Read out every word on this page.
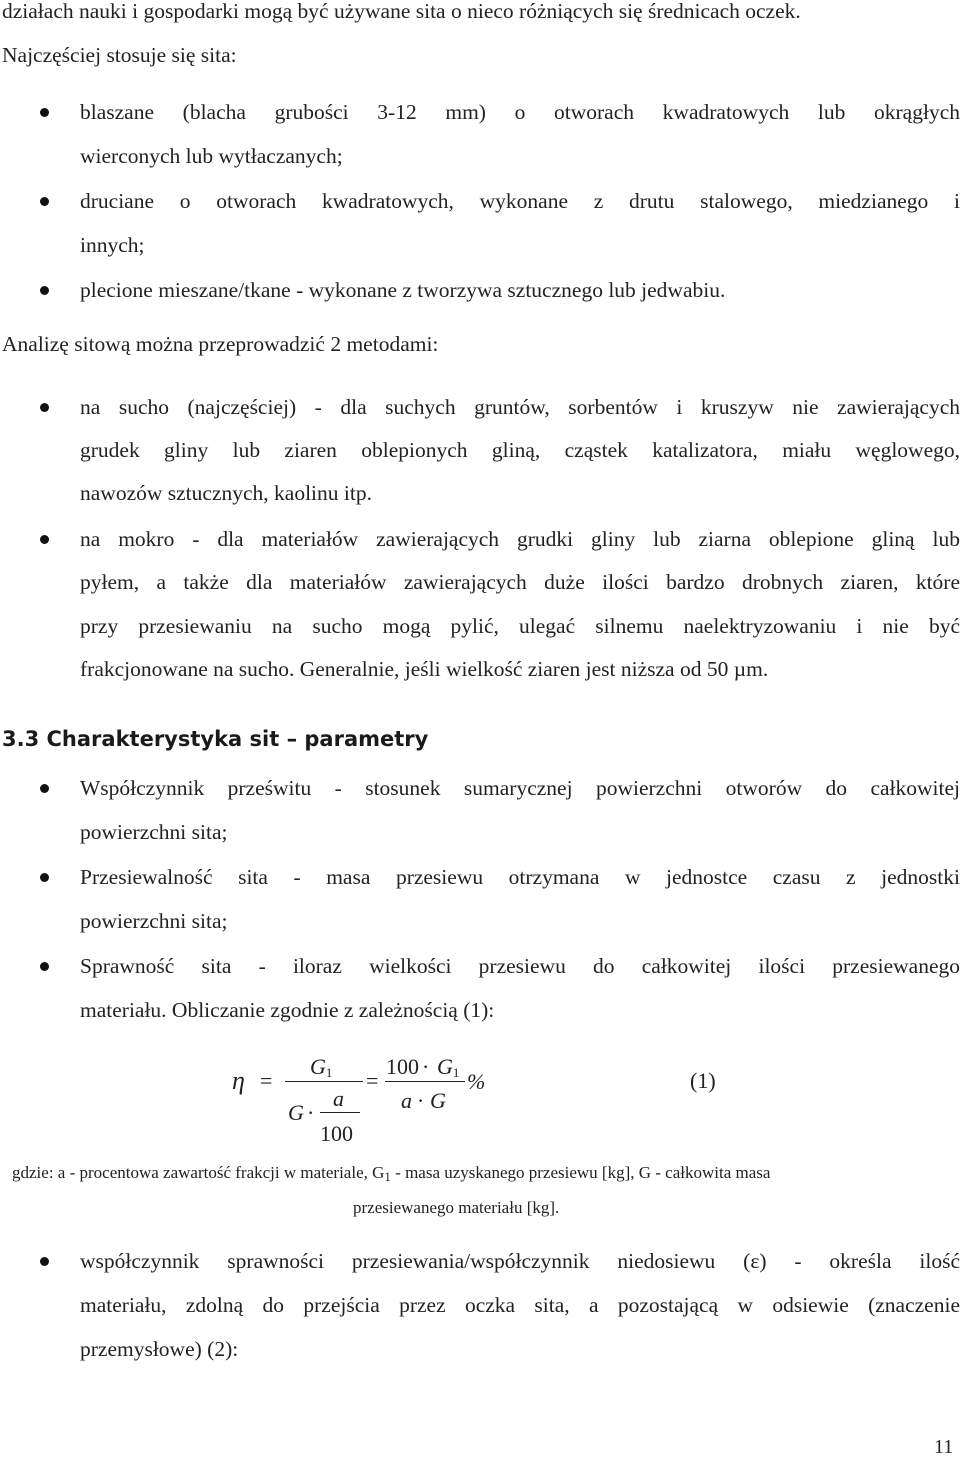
działach nauki i gospodarki mogą być używane sita o nieco różniących się średnicach oczek.
Najczęściej stosuje się sita:
blaszane (blacha grubości 3-12 mm) o otworach kwadratowych lub okrągłych
wierconych lub wytłaczanych;
druciane o otworach kwadratowych, wykonane z drutu stalowego, miedzianego i
innych;
plecione mieszane/tkane - wykonane z tworzywa sztucznego lub jedwabiu.
Analizę sitową można przeprowadzić 2 metodami:
na sucho (najczęściej) - dla suchych gruntów, sorbentów i kruszyw nie zawierających
grudek gliny lub ziaren oblepionych gliną, cząstek katalizatora, miału węglowego,
nawozów sztucznych, kaolinu itp.
na mokro - dla materiałów zawierających grudki gliny lub ziarna oblepione gliną lub
pyłem, a także dla materiałów zawierających duże ilości bardzo drobnych ziaren, które
przy przesiewaniu na sucho mogą pylić, ulegać silnemu naelektryzowaniu i nie być
frakcjonowane na sucho. Generalnie, jeśli wielkość ziaren jest niższa od 50 µm.
3.3 Charakterystyka sit – parametry
Współczynnik prześwitu - stosunek sumarycznej powierzchni otworów do całkowitej
powierzchni sita;
Przesiewalność sita - masa przesiewu otrzymana w jednostce czasu z jednostki
powierzchni sita;
Sprawność sita - iloraz wielkości przesiewu do całkowitej ilości przesiewanego
materiału. Obliczanie zgodnie z zależnością (1):
η =
$G_1$
G ·
a
100
=
$100 \cdot G_1$
a · G
%	(1)
gdzie: a - procentowa zawartość frakcji w materiale, $G_1$ - masa uzyskanego przesiewu [kg], G - całkowita masa
przesiewanego materiału [kg].
współczynnik sprawności przesiewania/współczynnik niedosiewu (ε) - określa ilość
materiału, zdolną do przejścia przez oczka sita, a pozostającą w odsiewie (znaczenie
przemysłowe) (2):
11
